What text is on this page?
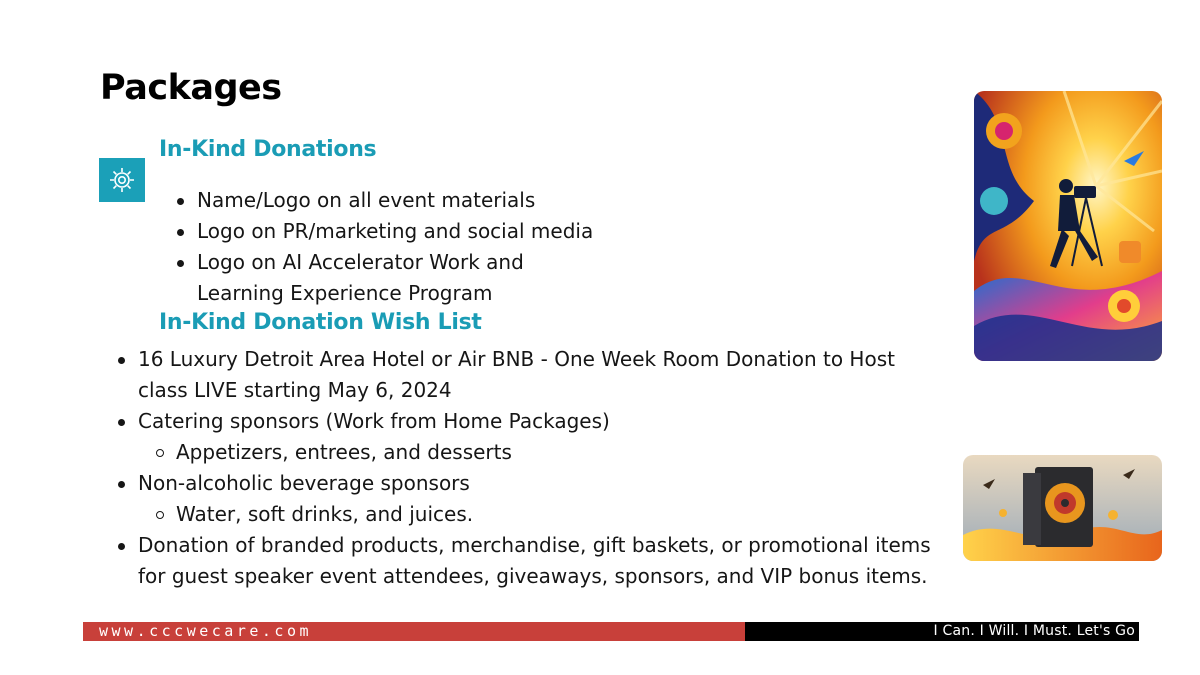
Packages
In-Kind Donations
Name/Logo on all event materials
Logo on PR/marketing and social media
Logo on AI Accelerator Work and
Learning Experience Program
In-Kind Donation Wish List
16 Luxury Detroit Area Hotel or Air BNB - One Week Room Donation to Host
class LIVE starting May 6, 2024
Catering sponsors (Work from Home Packages)
Appetizers, entrees, and desserts
Non-alcoholic beverage sponsors
Water, soft drinks, and juices.
Donation of branded products, merchandise, gift baskets, or promotional items
for guest speaker event attendees, giveaways, sponsors, and VIP bonus items.
www.cccwecare.com	I Can. I Will. I Must. Let's Go
